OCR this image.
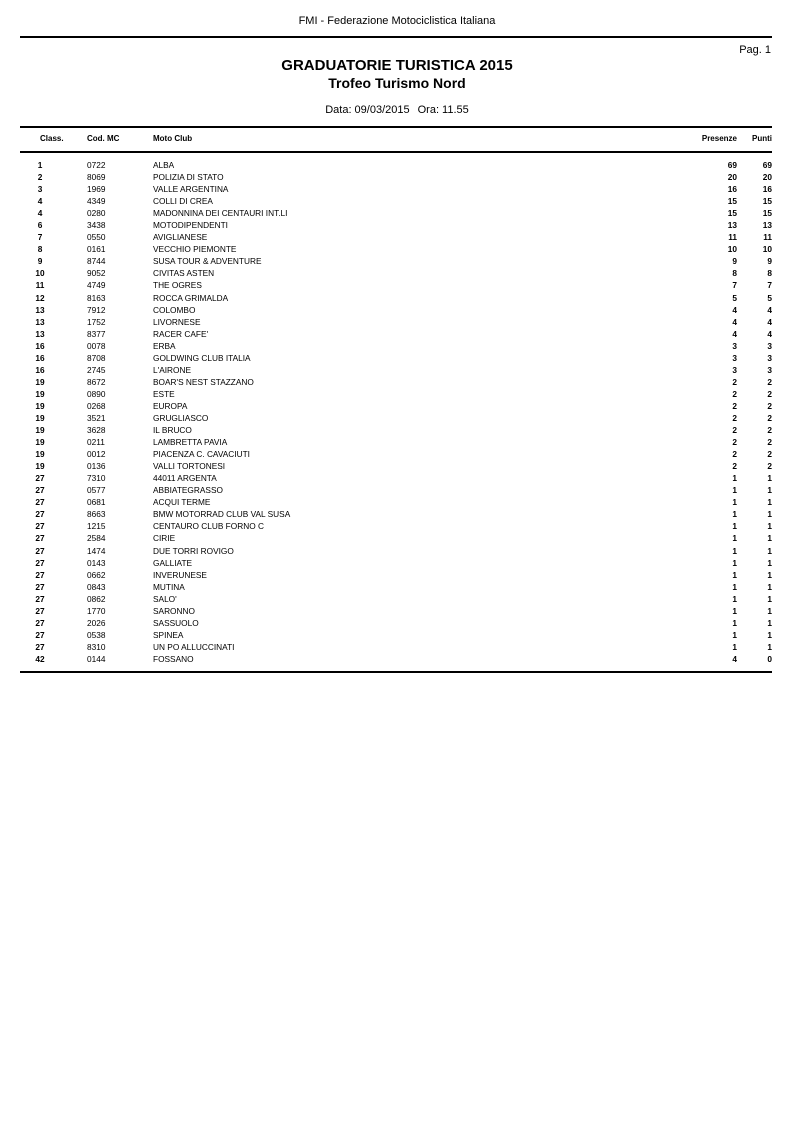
FMI - Federazione Motociclistica Italiana
Pag. 1
GRADUATORIE TURISTICA 2015
Trofeo Turismo Nord
Data: 09/03/2015 Ora: 11.55
Class.	Cod. MC	Moto Club	Presenze Punti
1	0722	ALBA	69	69
2	8069	POLIZIA DI STATO	20	20
3	1969	VALLE ARGENTINA	16	16
4	4349	COLLI DI CREA	15	15
4	0280	MADONNINA DEI CENTAURI INT.LI	15	15
6	3438	MOTODIPENDENTI	13	13
7	0550	AVIGLIANESE	11	11
8	0161	VECCHIO PIEMONTE	10	10
9	8744	SUSA TOUR & ADVENTURE	9	9
10	9052	CIVITAS ASTEN	8	8
11	4749	THE OGRES	7	7
12	8163	ROCCA GRIMALDA	5	5
13	7912	COLOMBO	4	4
13	1752	LIVORNESE	4	4
13	8377	RACER CAFE'	4	4
16	0078	ERBA	3	3
16	8708	GOLDWING CLUB ITALIA	3	3
16	2745	L'AIRONE	3	3
19	8672	BOAR'S NEST STAZZANO	2	2
19	0890	ESTE	2	2
19	0268	EUROPA	2	2
19	3521	GRUGLIASCO	2	2
19	3628	IL BRUCO	2	2
19	0211	LAMBRETTA PAVIA	2	2
19	0012	PIACENZA C. CAVACIUTI	2	2
19	0136	VALLI TORTONESI	2	2
27	7310	44011 ARGENTA	1	1
27	0577	ABBIATEGRASSO	1	1
27	0681	ACQUI TERME	1	1
27	8663	BMW MOTORRAD CLUB VAL SUSA	1	1
27	1215	CENTAURO CLUB FORNO C	1	1
27	2584	CIRIE	1	1
27	1474	DUE TORRI ROVIGO	1	1
27	0143	GALLIATE	1	1
27	0662	INVERUNESE	1	1
27	0843	MUTINA	1	1
27	0862	SALO'	1	1
27	1770	SARONNO	1	1
27	2026	SASSUOLO	1	1
27	0538	SPINEA	1	1
27	8310	UN PO ALLUCCINATI	1	1
42	0144	FOSSANO	4	0
